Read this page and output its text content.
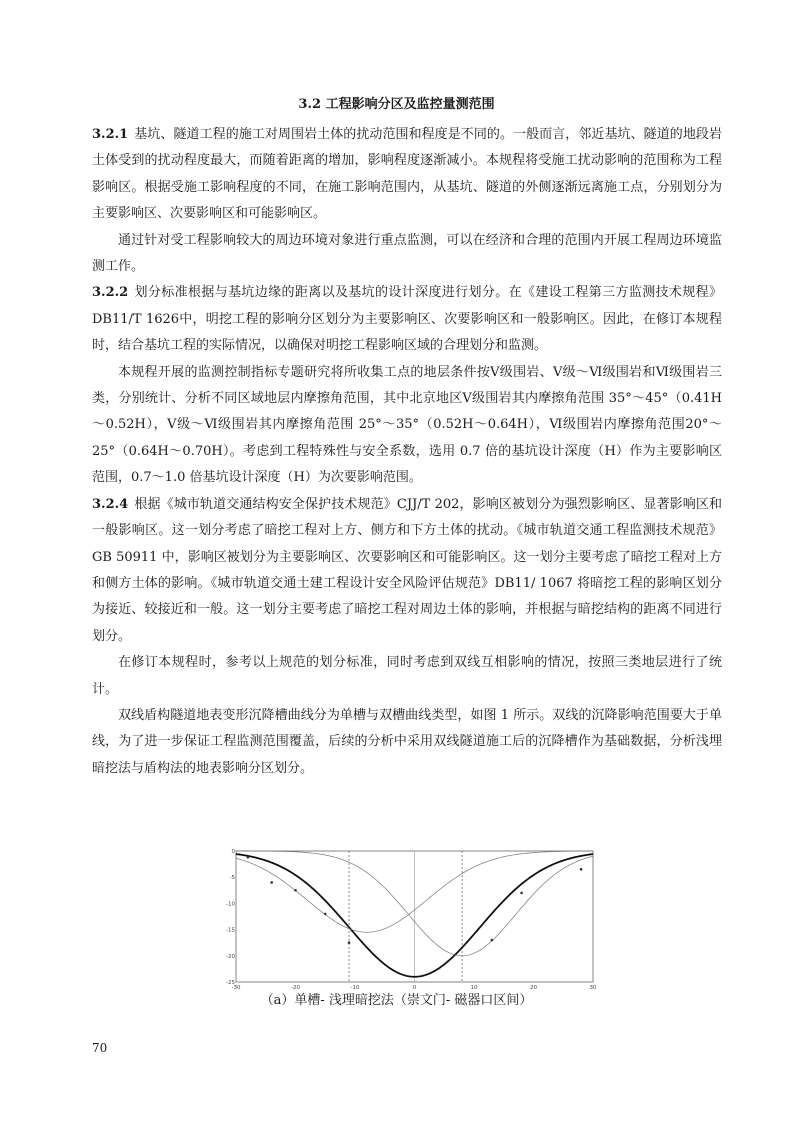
3.2 工程影响分区及监控量测范围

3.2.1 基坑、隧道工程的施工对周围岩土体的扰动范围和程度是不同的。一般而言，邻近基坑、隧道的地段岩土体受到的扰动程度最大，而随着距离的增加，影响程度逐渐减小。本规程将受施工扰动影响的范围称为工程影响区。根据受施工影响程度的不同，在施工影响范围内，从基坑、隧道的外侧逐渐远离施工点，分别划分为主要影响区、次要影响区和可能影响区。

通过针对受工程影响较大的周边环境对象进行重点监测，可以在经济和合理的范围内开展工程周边环境监测工作。

3.2.2 划分标准根据与基坑边缘的距离以及基坑的设计深度进行划分。在《建设工程第三方监测技术规程》DB11/T 1626中，明挖工程的影响分区划分为主要影响区、次要影响区和一般影响区。因此，在修订本规程时，结合基坑工程的实际情况，以确保对明挖工程影响区域的合理划分和监测。

本规程开展的监测控制指标专题研究将所收集工点的地层条件按Ⅴ级围岩、Ⅴ级～Ⅵ级围岩和Ⅵ级围岩三类，分别统计、分析不同区域地层内摩擦角范围，其中北京地区Ⅴ级围岩其内摩擦角范围 35°～45°（0.41H～0.52H），Ⅴ级～Ⅵ级围岩其内摩擦角范围 25°～35°（0.52H～0.64H），Ⅵ级围岩内摩擦角范围20°～25°（0.64H～0.70H）。考虑到工程特殊性与安全系数，选用 0.7 倍的基坑设计深度（H）作为主要影响区范围，0.7～1.0 倍基坑设计深度（H）为次要影响范围。

3.2.4 根据《城市轨道交通结构安全保护技术规范》CJJ/T 202，影响区被划分为强烈影响区、显著影响区和一般影响区。这一划分考虑了暗挖工程对上方、侧方和下方土体的扰动。《城市轨道交通工程监测技术规范》GB 50911 中，影响区被划分为主要影响区、次要影响区和可能影响区。这一划分主要考虑了暗挖工程对上方和侧方土体的影响。《城市轨道交通土建工程设计安全风险评估规范》DB11/ 1067 将暗挖工程的影响区划分为接近、较接近和一般。这一划分主要考虑了暗挖工程对周边土体的影响，并根据与暗挖结构的距离不同进行划分。

在修订本规程时，参考以上规范的划分标准，同时考虑到双线互相影响的情况，按照三类地层进行了统计。

双线盾构隧道地表变形沉降槽曲线分为单槽与双槽曲线类型，如图 1 所示。双线的沉降影响范围要大于单线，为了进一步保证工程监测范围覆盖，后续的分析中采用双线隧道施工后的沉降槽作为基础数据，分析浅埋暗挖法与盾构法的地表影响分区划分。

-30	-20	-10	0	10	20	30
0
-5
-10
-15
-20
-25
（a）单槽- 浅理暗挖法（崇文门- 磁器口区间）
70
